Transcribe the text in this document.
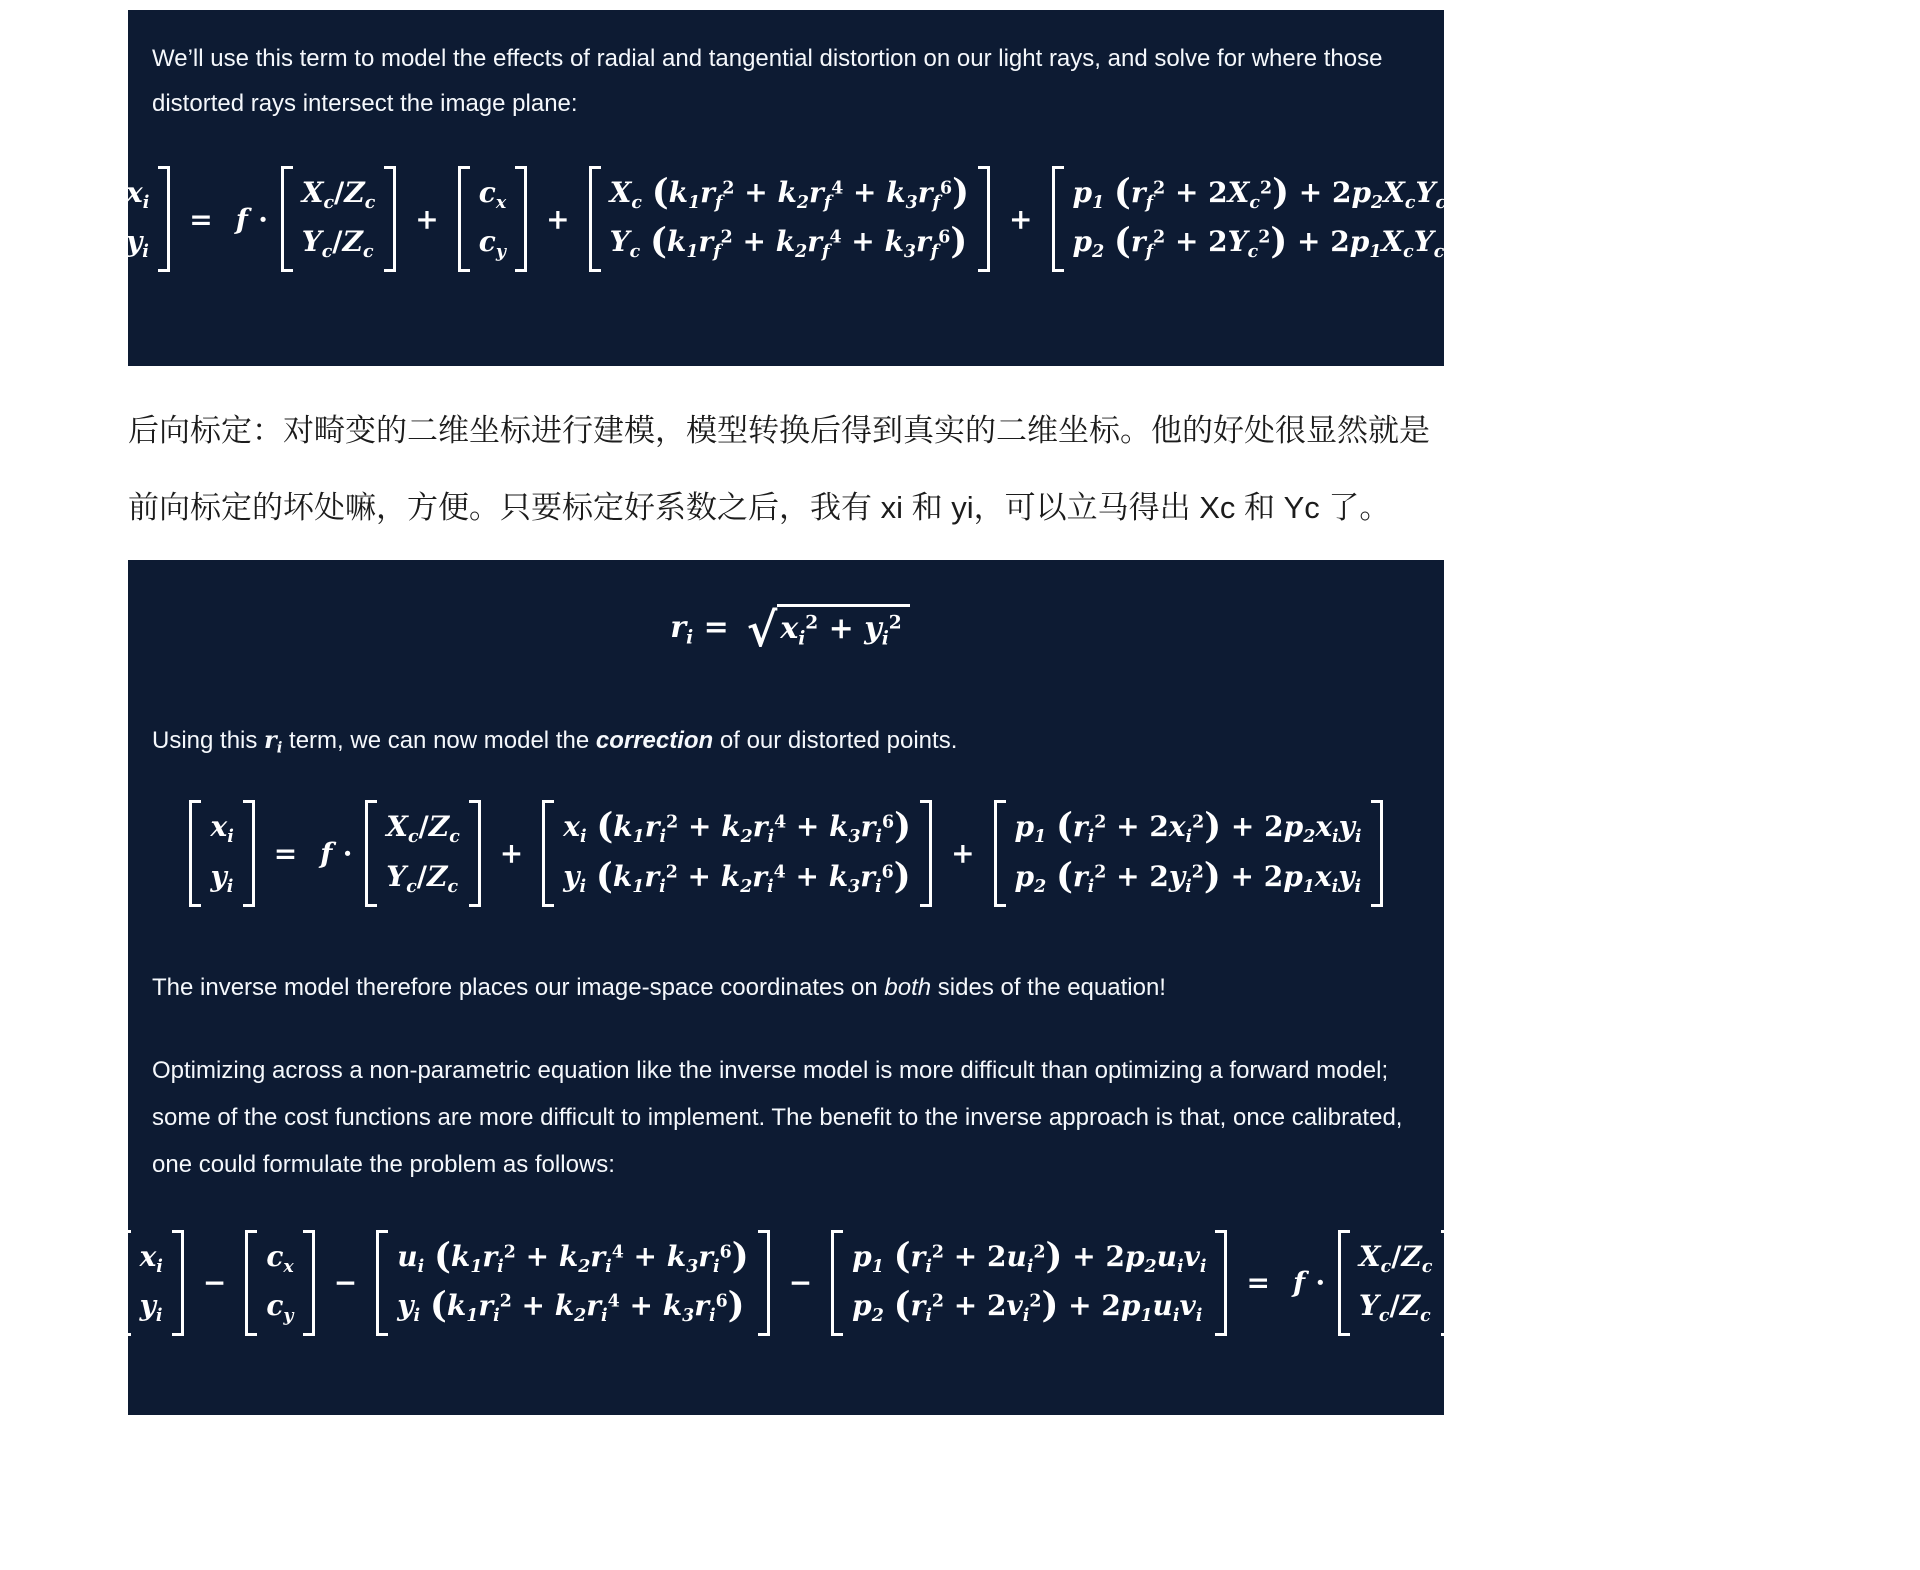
We’ll use this term to model the effects of radial and tangential distortion on our light rays, and solve for where those distorted rays intersect the image plane:

$x_i$
$y_i$
= f ⋅
$X_c/Z_c$
$Y_c/Z_c$
+
$c_x$
$c_y$
+
$X_c$ $(k_1r_f^2 + k_2r_f^4 + k_3r_f^6)$
$Y_c$ $(k_1r_f^2 + k_2r_f^4 + k_3r_f^6)$
+
$p_1$ $(r_f^2 + 2X_c^2) + 2p_2X_cY_c$
$p_2$ $(r_f^2 + 2Y_c^2) + 2p_1X_cY_c$

后向标定：对畸变的二维坐标进行建模，模型转换后得到真实的二维坐标。他的好处很显然就是前向标定的坏处嘛，方便。只要标定好系数之后，我有 xi 和 yi，可以立马得出 Xc 和 Yc 了。

$r_i$ = √ $x_i^2 + y_i^2$

Using this $r_i$ term, we can now model the correction of our distorted points.

$x_i$
$y_i$
= f ⋅
$X_c/Z_c$
$Y_c/Z_c$
+
$x_i$ $(k_1r_i^2 + k_2r_i^4 + k_3r_i^6)$
$y_i$ $(k_1r_i^2 + k_2r_i^4 + k_3r_i^6)$
+
$p_1$ $(r_i^2 + 2x_i^2) + 2p_2x_iy_i$
$p_2$ $(r_i^2 + 2y_i^2) + 2p_1x_iy_i$

The inverse model therefore places our image-space coordinates on both sides of the equation!

Optimizing across a non-parametric equation like the inverse model is more difficult than optimizing a forward model; some of the cost functions are more difficult to implement. The benefit to the inverse approach is that, once calibrated, one could formulate the problem as follows:

$x_i$
$y_i$
−
$c_x$
$c_y$
−
$u_i$ $(k_1r_i^2 + k_2r_i^4 + k_3r_i^6)$
$y_i$ $(k_1r_i^2 + k_2r_i^4 + k_3r_i^6)$
−
$p_1$ $(r_i^2 + 2u_i^2) + 2p_2u_iv_i$
$p_2$ $(r_i^2 + 2v_i^2) + 2p_1u_iv_i$
= f ⋅
$X_c/Z_c$
$Y_c/Z_c$
